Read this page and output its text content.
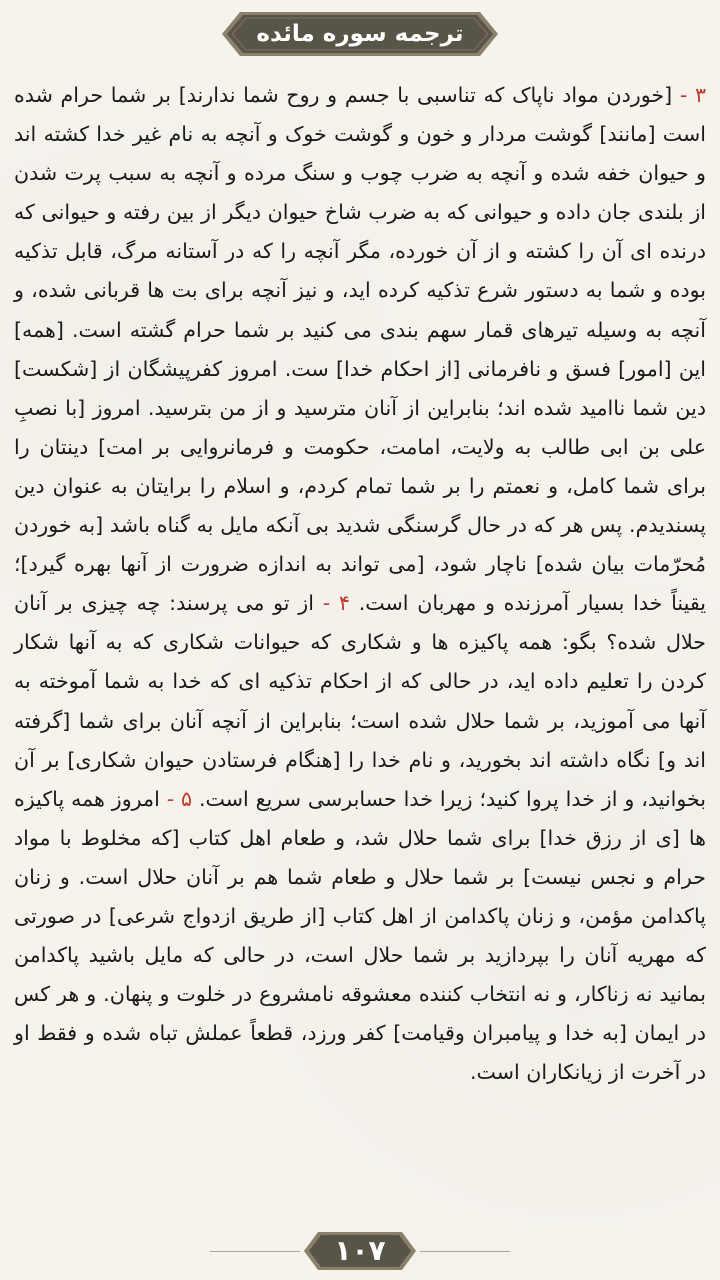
ترجمه سوره مائده
۳ - [خوردن مواد ناپاک که تناسبی با جسم و روح شما ندارند] بر شما حرام شده است [مانند] گوشت مردار و خون و گوشت خوک و آنچه به نام غیر خدا کشته اند و حیوان خفه شده و آنچه به ضرب چوب و سنگ مرده و آنچه به سبب پرت شدن از بلندی جان داده و حیوانی که به ضرب شاخ حیوان دیگر از بین رفته و حیوانی که درنده ای آن را کشته و از آن خورده، مگر آنچه را که در آستانه مرگ، قابل تذکیه بوده و شما به دستور شرع تذکیه کرده اید، و نیز آنچه برای بت ها قربانی شده، و آنچه به وسیله تیرهای قمار سهم بندی می کنید بر شما حرام گشته است. [همه] این [امور] فسق و نافرمانی [از احکام خدا] ست. امروز کفرپیشگان از [شکست] دین شما ناامید شده اند؛ بنابراین از آنان مترسید و از من بترسید. امروز [با نصبِ علی بن ابی طالب به ولایت، امامت، حکومت و فرمانروایی بر امت] دینتان را برای شما کامل، و نعمتم را بر شما تمام کردم، و اسلام را برایتان به عنوان دین پسندیدم. پس هر که در حال گرسنگی شدید بی آنکه مایل به گناه باشد [به خوردن مُحرّمات بیان شده] ناچار شود، [می تواند به اندازه ضرورت از آنها بهره گیرد]؛ یقیناً خدا بسیار آمرزنده و مهربان است. ۴ - از تو می پرسند: چه چیزی بر آنان حلال شده؟ بگو: همه پاکیزه ها و شکاری که حیوانات شکاری که به آنها شکار کردن را تعلیم داده اید، در حالی که از احکام تذکیه ای که خدا به شما آموخته به آنها می آموزید، بر شما حلال شده است؛ بنابراین از آنچه آنان برای شما [گرفته اند و] نگاه داشته اند بخورید، و نام خدا را [هنگام فرستادن حیوان شکاری] بر آن بخوانید، و از خدا پروا کنید؛ زیرا خدا حسابرسی سریع است. ۵ - امروز همه پاکیزه ها [ی از رزق خدا] برای شما حلال شد، و طعام اهل کتاب [که مخلوط با مواد حرام و نجس نیست] بر شما حلال و طعام شما هم بر آنان حلال است. و زنان پاکدامن مؤمن، و زنان پاکدامن از اهل کتاب [از طریق ازدواج شرعی] در صورتی که مهریه آنان را بپردازید بر شما حلال است، در حالی که مایل باشید پاکدامن بمانید نه زناکار، و نه انتخاب کننده معشوقه نامشروع در خلوت و پنهان. و هر کس در ایمان [به خدا و پیامبران وقیامت] کفر ورزد، قطعاً عملش تباه شده و فقط او در آخرت از زیانکاران است.
۱۰۷
